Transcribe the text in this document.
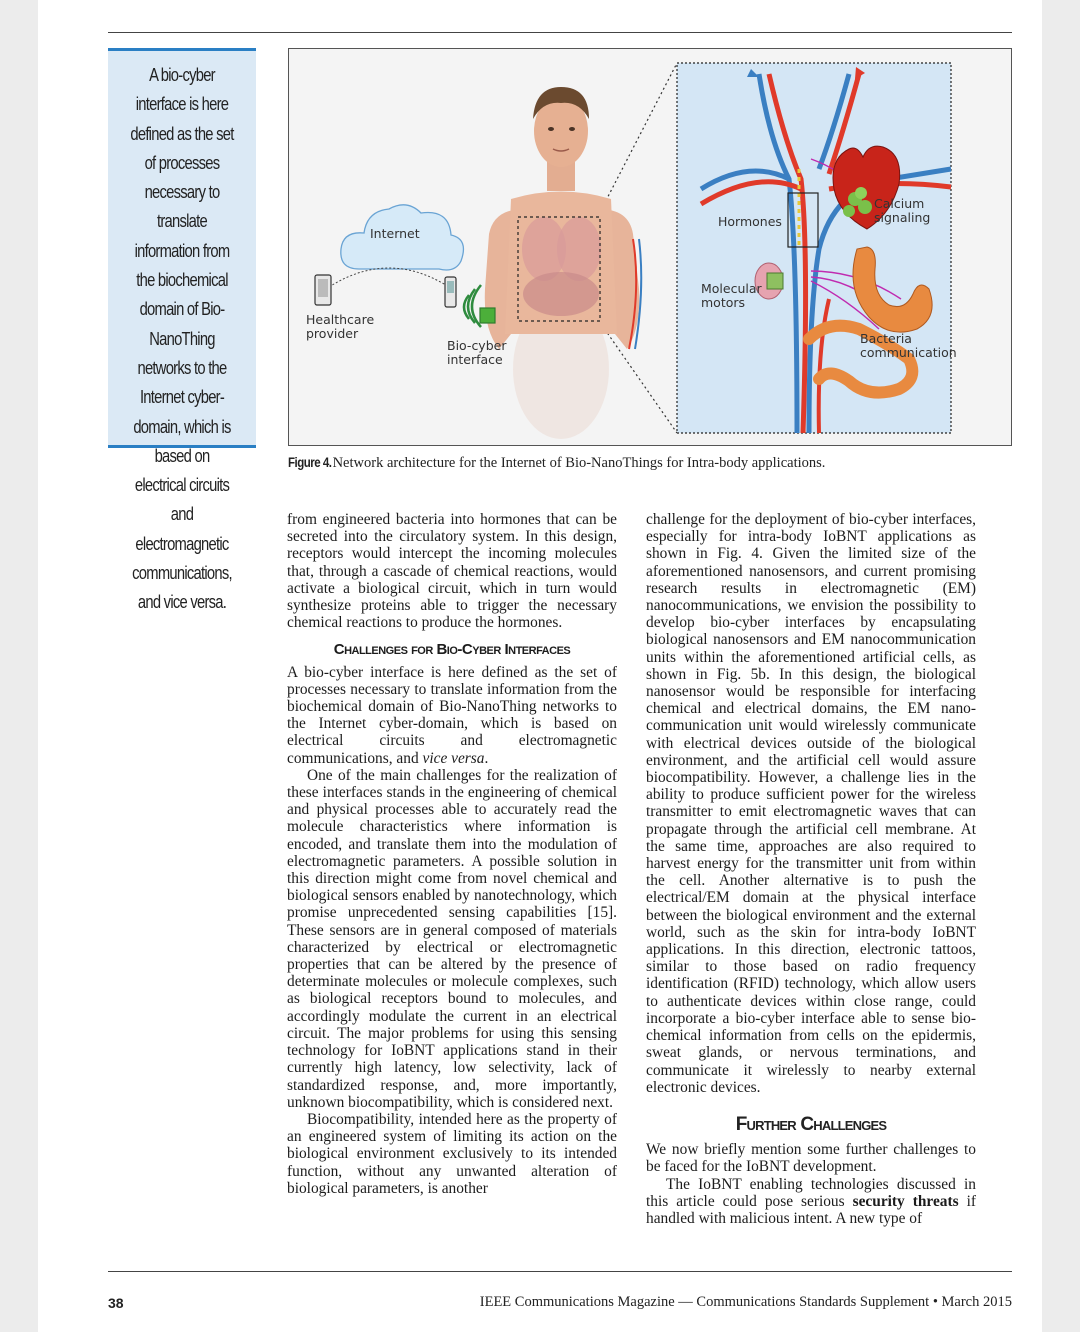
A bio-cyber interface is here defined as the set of processes necessary to translate information from the biochemical domain of Bio-NanoThing networks to the Internet cyber-domain, which is based on electrical circuits and electromagnetic communications, and vice versa.
Internet
Healthcare
provider
Bio-cyber
interface
Hormones
Calcium
signaling
Molecular
motors
Bacteria
communication
Figure 4. Network architecture for the Internet of Bio-NanoThings for Intra-body applications.

from engineered bacteria into hormones that can be secreted into the circulatory system. In this design, receptors would intercept the incoming molecules that, through a cascade of chemical reactions, would activate a biological circuit, which in turn would synthesize proteins able to trigger the necessary chemical reactions to produce the hormones.

Challenges for Bio-Cyber Interfaces

A bio-cyber interface is here defined as the set of processes necessary to translate information from the biochemical domain of Bio-NanoThing networks to the Internet cyber-domain, which is based on electrical circuits and electromagnetic communications, and vice versa.

One of the main challenges for the realization of these interfaces stands in the engineering of chemical and physical processes able to accurately read the molecule characteristics where information is encoded, and translate them into the modulation of electromagnetic parameters. A possible solution in this direction might come from novel chemical and biological sensors enabled by nanotechnology, which promise unprecedented sensing capabilities [15]. These sensors are in general composed of materials characterized by electrical or electromagnetic properties that can be altered by the presence of determinate molecules or molecule complexes, such as biological receptors bound to molecules, and accordingly modulate the current in an electrical circuit. The major problems for using this sensing technology for IoBNT applications stand in their currently high latency, low selectivity, lack of standardized response, and, more importantly, unknown biocompatibility, which is considered next.

Biocompatibility, intended here as the property of an engineered system of limiting its action on the biological environment exclusively to its intended function, without any unwanted alteration of biological parameters, is another

challenge for the deployment of bio-cyber interfaces, especially for intra-body IoBNT applications as shown in Fig. 4. Given the limited size of the aforementioned nanosensors, and current promising research results in electromagnetic (EM) nanocommunications, we envision the possibility to develop bio-cyber interfaces by encapsulating biological nanosensors and EM nanocommunication units within the aforementioned artificial cells, as shown in Fig. 5b. In this design, the biological nanosensor would be responsible for interfacing chemical and electrical domains, the EM nano-communication unit would wirelessly communicate with electrical devices outside of the biological environment, and the artificial cell would assure biocompatibility. However, a challenge lies in the ability to produce sufficient power for the wireless transmitter to emit electromagnetic waves that can propagate through the artificial cell membrane. At the same time, approaches are also required to harvest energy for the transmitter unit from within the cell. Another alternative is to push the electrical/EM domain at the physical interface between the biological environment and the external world, such as the skin for intra-body IoBNT applications. In this direction, electronic tattoos, similar to those based on radio frequency identification (RFID) technology, which allow users to authenticate devices within close range, could incorporate a bio-cyber interface able to sense bio- chemical information from cells on the epidermis, sweat glands, or nervous terminations, and communicate it wirelessly to nearby external electronic devices.

Further Challenges

We now briefly mention some further challenges to be faced for the IoBNT development.

The IoBNT enabling technologies discussed in this article could pose serious security threats if handled with malicious intent. A new type of

38	IEEE Communications Magazine — Communications Standards Supplement • March 2015
